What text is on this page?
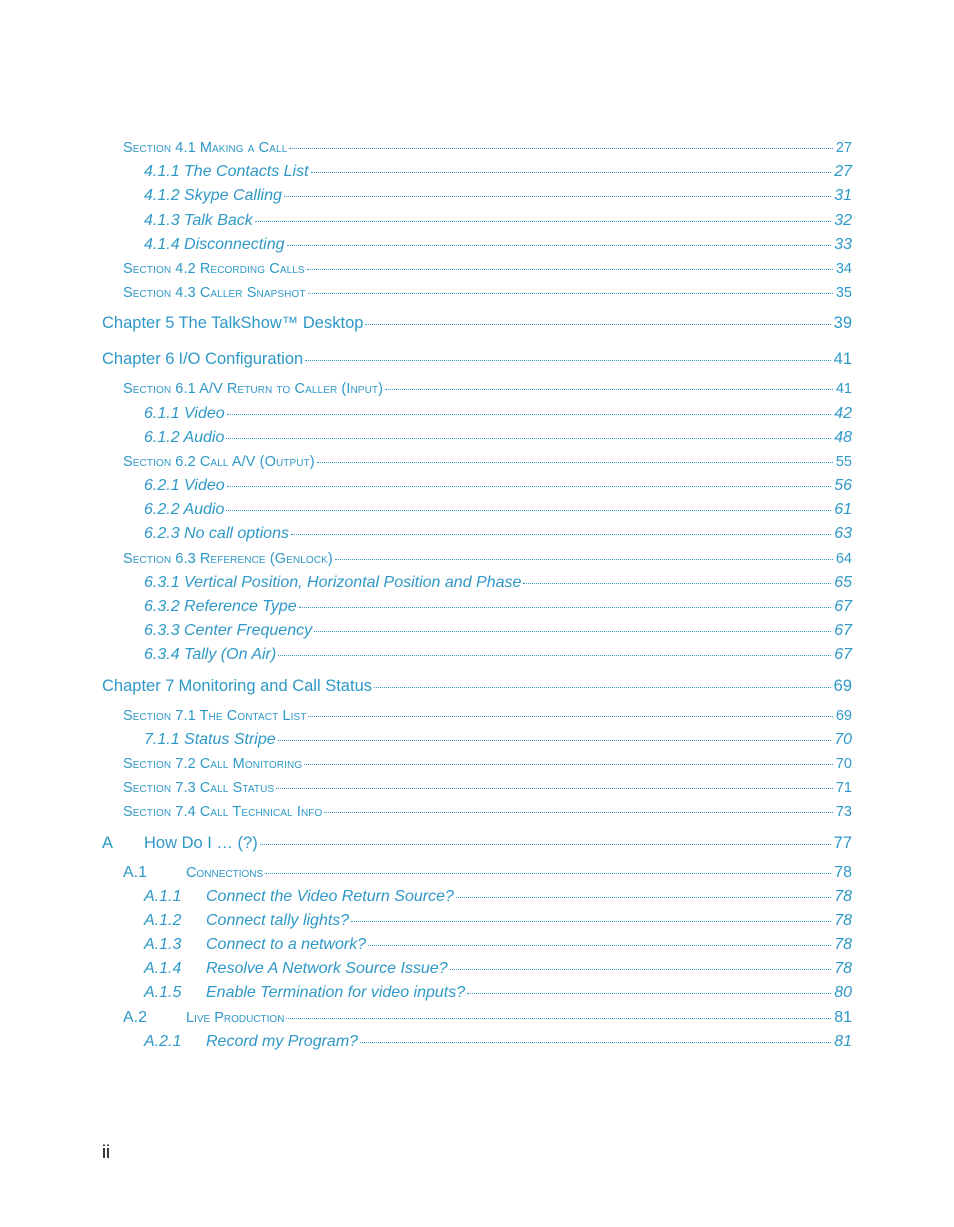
Section 4.1 Making a Call	27
4.1.1 The Contacts List	27
4.1.2 Skype Calling	31
4.1.3 Talk Back	32
4.1.4 Disconnecting	33
Section 4.2 Recording Calls	34
Section 4.3 Caller Snapshot	35
Chapter 5 The TalkShow™ Desktop	39
Chapter 6 I/O Configuration	41
Section 6.1 A/V Return to Caller (Input)	41
6.1.1 Video	42
6.1.2 Audio	48
Section 6.2 Call A/V (Output)	55
6.2.1 Video	56
6.2.2 Audio	61
6.2.3 No call options	63
Section 6.3 Reference (Genlock)	64
6.3.1 Vertical Position, Horizontal Position and Phase	65
6.3.2 Reference Type	67
6.3.3 Center Frequency	67
6.3.4 Tally (On Air)	67
Chapter 7 Monitoring and Call Status	69
Section 7.1 The Contact List	69
7.1.1 Status Stripe	70
Section 7.2 Call Monitoring	70
Section 7.3 Call Status	71
Section 7.4 Call Technical Info	73
A	How Do I … (?)	77
A.1	Connections	78
A.1.1	Connect the Video Return Source?	78
A.1.2	Connect tally lights?	78
A.1.3	Connect to a network?	78
A.1.4	Resolve A Network Source Issue?	78
A.1.5	Enable Termination for video inputs?	80
A.2	Live Production	81
A.2.1	Record my Program?	81
ii
